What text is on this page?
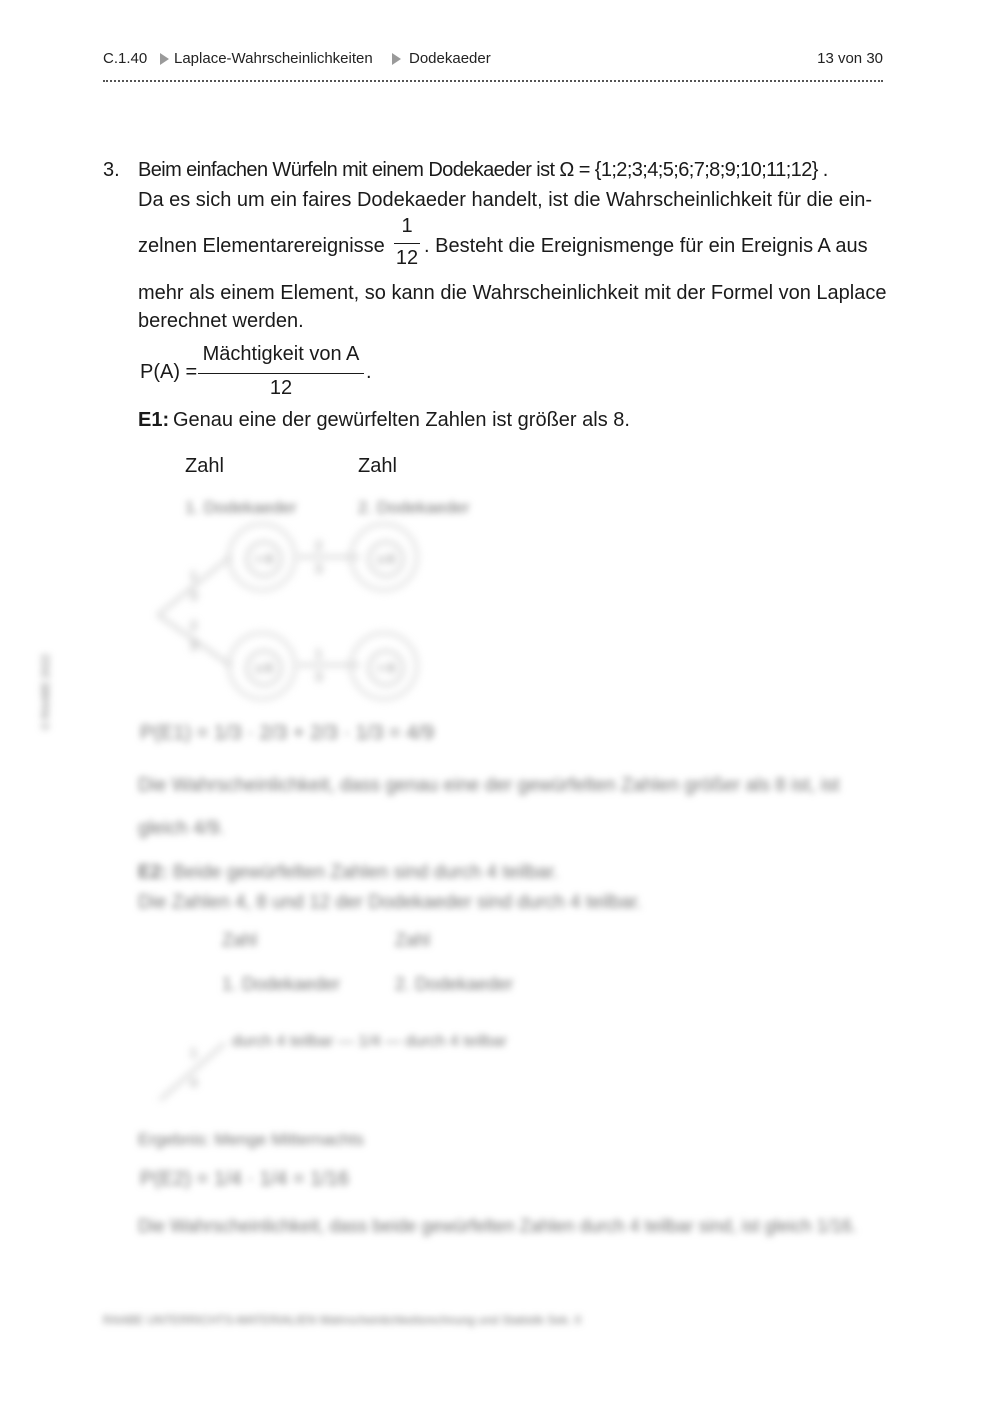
C.1.40 Laplace-Wahrscheinlichkeiten Dodekaeder	13 von 30
3. Beim einfachen Würfeln mit einem Dodekaeder ist Ω = {1;2;3;4;5;6;7;8;9;10;11;12} .
Da es sich um ein faires Dodekaeder handelt, ist die Wahrscheinlichkeit für die ein-
zelnen Elementarereignisse
1
12
. Besteht die Ereignismenge für ein Ereignis A aus
mehr als einem Element, so kann die Wahrscheinlichkeit mit der Formel von Laplace
berechnet werden.
P(A) =
Mächtigkeit von A
12
.
E1: Genau eine der gewürfelten Zahlen ist größer als 8.
Zahl	Zahl
1. Dodekaeder	2. Dodekaeder
1
3
2
3
2
3
1
3
> 8	≤ 8
≤ 8	> 8
P(E1) = 1/3 · 2/3 + 2/3 · 1/3 = 4/9
Die Wahrscheinlichkeit, dass genau eine der gewürfelten Zahlen größer als 8 ist, ist
gleich 4/9.
E2: Beide gewürfelten Zahlen sind durch 4 teilbar.
Die Zahlen 4, 8 und 12 der Dodekaeder sind durch 4 teilbar.
Zahl	Zahl
1. Dodekaeder	2. Dodekaeder
1
4
durch 4 teilbar — 1/4 — durch 4 teilbar
Ergebnis: Menge Mitternachts
P(E2) = 1/4 · 1/4 = 1/16
Die Wahrscheinlichkeit, dass beide gewürfelten Zahlen durch 4 teilbar sind, ist gleich 1/16.
© RAABE 2022
RAABE UNTERRICHTS-MATERIALIEN Wahrscheinlichkeitsrechnung und Statistik Sek. II
